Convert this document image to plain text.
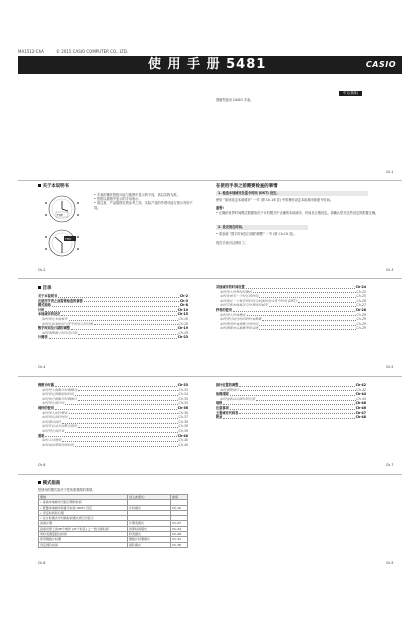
MA1512-ChA	© 2015 CASIO COMPUTER CO., LTD.
使 用 手 册 5481	CASIO
中文(简体)
感谢您选用 CASIO 手表。
Ch-1
关于本说明书
TUE
THU
• 手表的操作按钮可能与插图中显示的不同，请以实物为准。
• 按钮以插图中显示的字母表示。
• 请注意，产品插图仅供参考之用，实际产品的外观可能与图示有所不同。
Ch-2
在使用手表之前需要检查的事情
1. 检查本地城市及夏令时间 (DST) 设定。
使用 “如何设定本地城市” 一节 (第 Ch-16 页) 中的操作设定本地城市和夏令时间。
重要!
• 正确的世界时间模式数据取决于计时模式中正确的本地城市、时间及日期设定。请确认您对这些设定的配置正确。
2. 设定现在时间。
• 请参阅 “数字时间及日期的调整” 一节 (第 Ch-19 页)。
现在手表可以使用了。
Ch-3
目录
关于本说明书	Ch-2
在使用手表之前需要检查的事情	Ch-3
模式指南	Ch-8
计时	Ch-10
本地城市的设定	Ch-15
如何设定本地城市	Ch-16
如何在标准时间与夏令时间之间切换	Ch-18
数字时间及日期的调整	Ch-19
如何调整数字时间及日期	Ch-19
计测表	Ch-23
Ch-4
其他城市的时间设置	Ch-24
如何进入世界时间模式	Ch-25
如何查看另一个时区的时间	Ch-25
如何指定一个城市的时间为标准时间或夏令时间 (DST)	Ch-26
如何交换本地城市与世界时间城市	Ch-27
秒表的使用	Ch-28
如何进入秒表模式	Ch-28
如何进行经过时间的秒表测量	Ch-29
如何使用秒表测量分段时间	Ch-29
如何测量两名参赛者的成绩	Ch-29
Ch-5
倒数计时器	Ch-33
如何进入倒数计时器模式	Ch-33
如何设定倒数起始时间	Ch-34
如何执行倒数计时器操作	Ch-35
如何停止倒计时	Ch-35
闹铃的使用	Ch-36
如何进入闹铃模式	Ch-36
如何设定闹铃时间	Ch-37
如何测试闹铃	Ch-38
如何开启或关闭整点报时	Ch-38
如何停止闹铃音	Ch-39
照明	Ch-40
如何手动照明	Ch-40
如何更改照明持续时间	Ch-40
Ch-6
指针位置的调整	Ch-42
如何调整指针	Ch-42
故障排除	Ch-44
如何重新启动指针的位置	Ch-44
规格	Ch-46
注意事项	Ch-46
主要城市代码表	Ch-47
附录	Ch-48
Ch-7
模式指南
您使用的模式取决于您所需要做的事情。
要做	进入此模式:	参阅
• 查看本地城市当前日期和时间		
• 配置本地城市和夏令时间 (DST) 设定	计时模式	Ch-10
• 设定时间和日期		
• 在计时模式中切换时间模式或日历显示		
查看计测	计测表模式	Ch-23
查看世界上的48个城市 (31个时区) 之一的当前时间	世界时间模式	Ch-24
用秒表测量经过时间	秒表模式	Ch-28
使用倒数计时器	倒数计时器模式	Ch-33
设定闹铃时间	闹铃模式	Ch-36
Ch-8	Ch-9
